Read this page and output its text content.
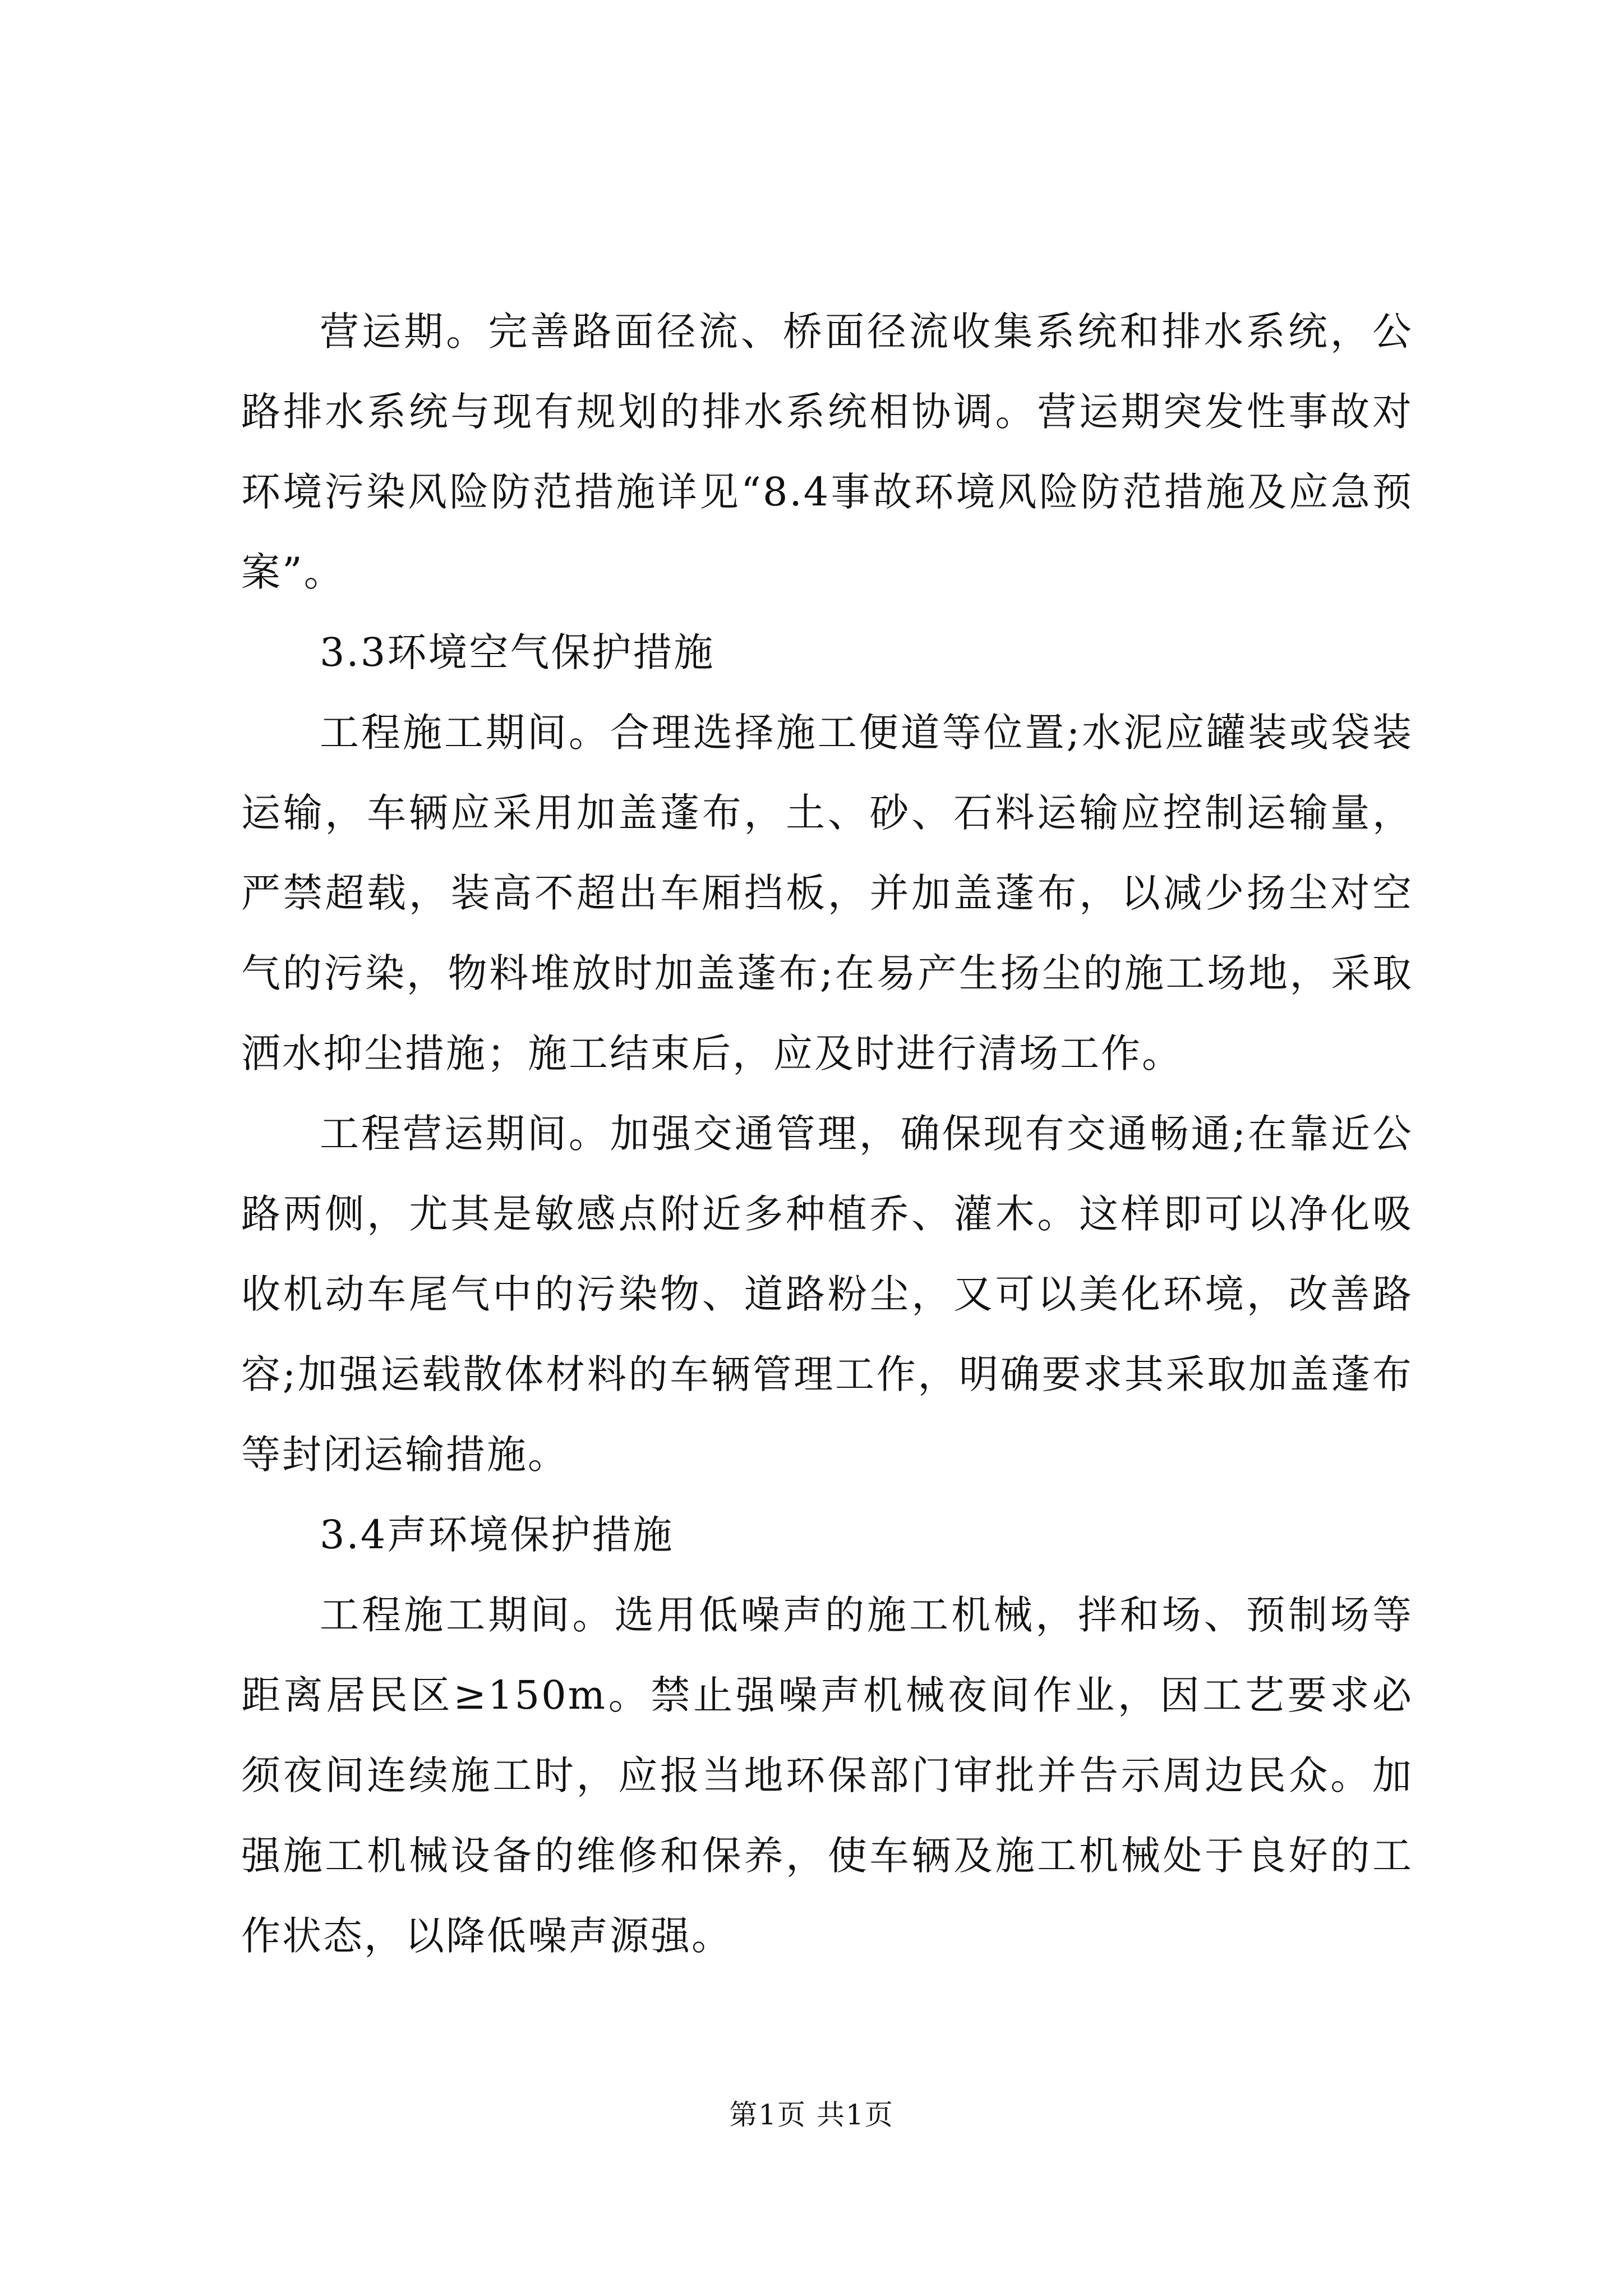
营运期。完善路面径流、桥面径流收集系统和排水系统，公路排水系统与现有规划的排水系统相协调。营运期突发性事故对环境污染风险防范措施详见“8.4事故环境风险防范措施及应急预案”。

3.3环境空气保护措施

工程施工期间。合理选择施工便道等位置;水泥应罐装或袋装运输，车辆应采用加盖蓬布，土、砂、石料运输应控制运输量，严禁超载，装高不超出车厢挡板，并加盖蓬布，以减少扬尘对空气的污染，物料堆放时加盖蓬布;在易产生扬尘的施工场地，采取洒水抑尘措施；施工结束后，应及时进行清场工作。

工程营运期间。加强交通管理，确保现有交通畅通;在靠近公路两侧，尤其是敏感点附近多种植乔、灌木。这样即可以净化吸收机动车尾气中的污染物、道路粉尘，又可以美化环境，改善路容;加强运载散体材料的车辆管理工作，明确要求其采取加盖蓬布等封闭运输措施。

3.4声环境保护措施

工程施工期间。选用低噪声的施工机械，拌和场、预制场等距离居民区≥150m。禁止强噪声机械夜间作业，因工艺要求必须夜间连续施工时，应报当地环保部门审批并告示周边民众。加强施工机械设备的维修和保养，使车辆及施工机械处于良好的工作状态，以降低噪声源强。

第1页 共1页
